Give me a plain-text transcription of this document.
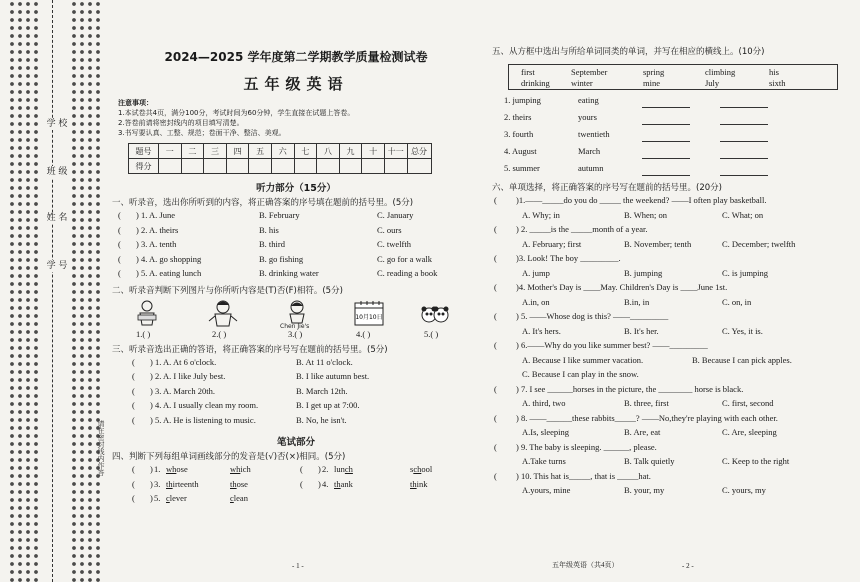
学 校
班 级
姓 名
学 号
请在密封线内作答
2024—2025 学年度第二学期教学质量检测试卷
五年级英语
注意事项：
1.本试卷共4页，满分100分，考试时间为60分钟，学生直接在试题上答卷。
2.答卷前请将密封线内的项目填写清楚。
3.书写要认真、工整、规范；卷面干净、整洁、美观。
题号	一	二	三	四	五	六	七	八	九	十	十一	总分
得分												
听力部分（15分）
一、听录音，选出你所听到的内容，将正确答案的序号填在题前的括号里。(5分)
( ) 1. A. June	B. February	C. January
( ) 2. A. theirs	B. his	C. ours
( ) 3. A. tenth	B. third	C. twelfth
( ) 4. A. go shopping	B. go fishing	C. go for a walk
( ) 5. A. eating lunch	B. drinking water	C. reading a book
二、听录音判断下列图片与你所听内容是(T)否(F)相符。(5分)
Chen Jie's
10月10日
1.( )	2.( )	3.( )	4.( )	5.( )
三、听录音选出正确的答语，将正确答案的序号写在题前的括号里。(5分)
( ) 1. A. At 6 o'clock.	B. At 11 o'clock.
( ) 2. A. I like July best.	B. I like autumn best.
( ) 3. A. March 20th.	B. March 12th.
( ) 4. A. I usually clean my room.	B. I get up at 7:00.
( ) 5. A. He is listening to music.	B. No, he isn't.
笔试部分
四、判断下列每组单词画线部分的发音是(√)否(×)相同。(5分)
( ) 1. whose	which	( ) 2. lunch	school
( ) 3. thirteenth	those	( ) 4. thank	think
( ) 5. clever	clean
- 1 -
五、从方框中选出与所给单词同类的单词，并写在相应的横线上。(10分)
first	September	spring	climbing	his
drinking winter	mine	July	sixth
1. jumping	eating
2. theirs	yours
3. fourth	twentieth
4. August	March
5. summer	autumn
六、单项选择，将正确答案的序号写在题前的括号里。(20分)
( )1.——_____do you do _____ the weekend? ——I often play basketball.
A. Why; in	B. When; on	C. What; on
( ) 2. _____is the _____month of a year.
A. February; first	B. November; tenth	C. December; twelfth
( )3. Look! The boy _________.
A. jump	B. jumping	C. is jumping
( )4. Mother's Day is ____May. Children's Day is ____June 1st.
A.in, on	B.in, in	C. on, in
( ) 5. ——Whose dog is this? ——_________
A. It's hers.	B. It's her.	C. Yes, it is.
( ) 6.——Why do you like summer best? ——_________
A. Because I like summer vacation.	B. Because I can pick apples.
C. Because I can play in the snow.
( ) 7. I see ______horses in the picture, the ________ horse is black.
A. third, two	B. three, first	C. first, second
( ) 8. ——______these rabbits_____? ——No,they're playing with each other.
A.Is, sleeping	B. Are, eat	C. Are, sleeping
( ) 9. The baby is sleeping. ______, please.
A.Take turns	B. Talk quietly	C. Keep to the right
( ) 10. This hat is_____, that is _____hat.
A.yours, mine	B. your, my	C. yours, my
五年级英语（共4页）	- 2 -
